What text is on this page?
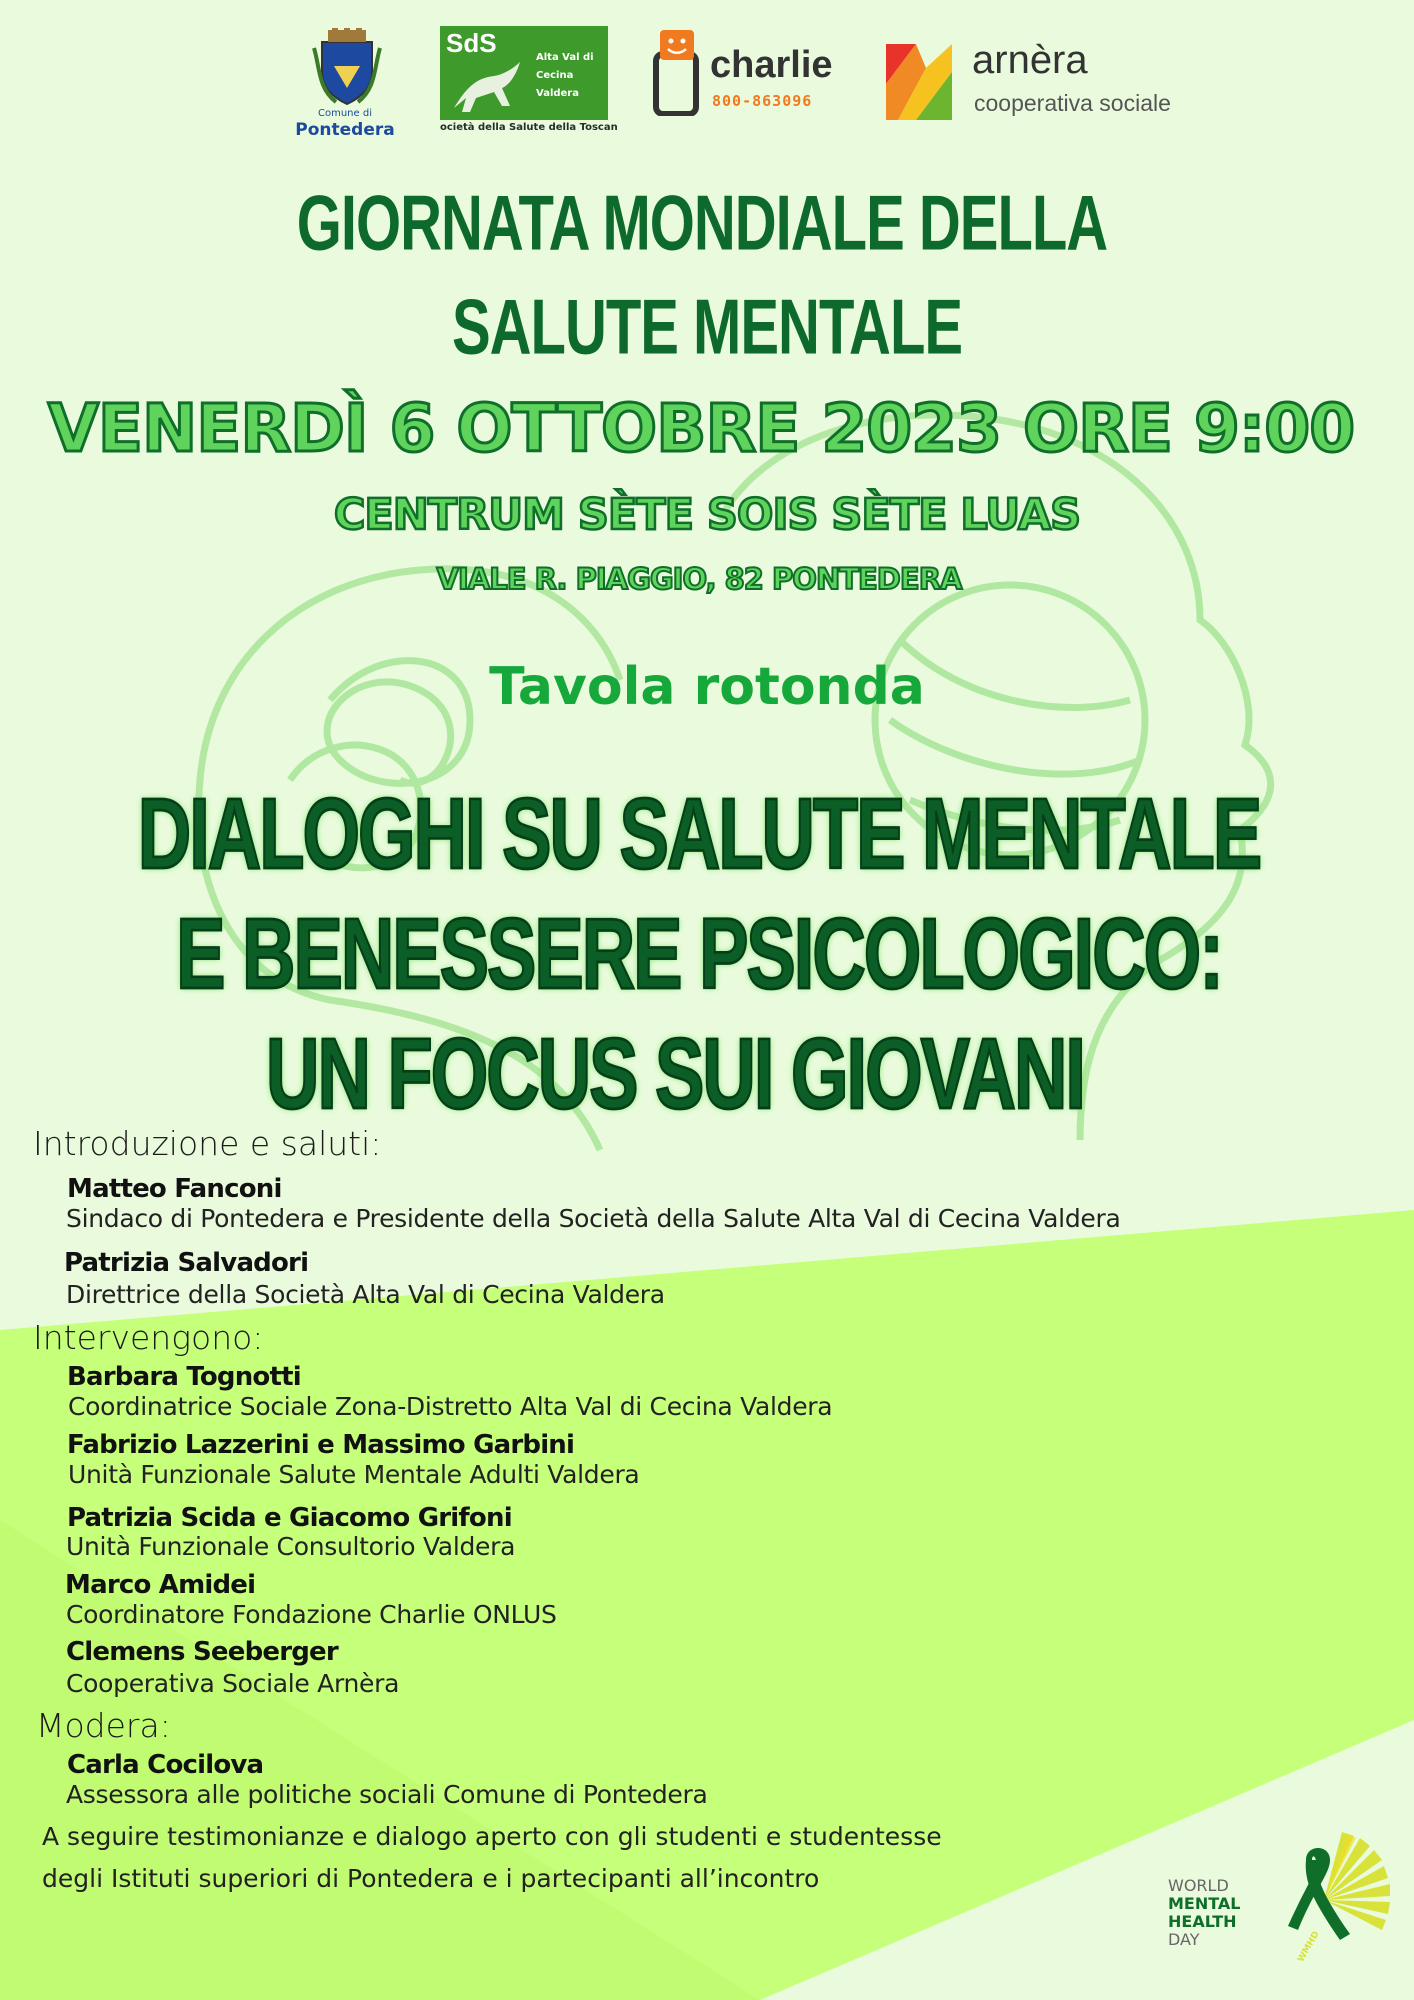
Comune di
Pontedera
SdS	Alta Val di
Cecina
Valdera
ocietà della Salute della Toscan
charlie
800-863096
arnèra
cooperativa sociale
GIORNATA MONDIALE DELLA
SALUTE MENTALE
VENERDÌ 6 OTTOBRE 2023 ORE 9:00
CENTRUM SÈTE SOIS SÈTE LUAS
VIALE R. PIAGGIO, 82 PONTEDERA
Tavola rotonda
DIALOGHI SU SALUTE MENTALE
E BENESSERE PSICOLOGICO:
UN FOCUS SUI GIOVANI
Introduzione e saluti:
Matteo Fanconi
Sindaco di Pontedera e Presidente della Società della Salute Alta Val di Cecina Valdera
Patrizia Salvadori
Direttrice della Società Alta Val di Cecina Valdera
Intervengono:
Barbara Tognotti
Coordinatrice Sociale Zona-Distretto Alta Val di Cecina Valdera
Fabrizio Lazzerini e Massimo Garbini
Unità Funzionale Salute Mentale Adulti Valdera
Patrizia Scida e Giacomo Grifoni
Unità Funzionale Consultorio Valdera
Marco Amidei
Coordinatore Fondazione Charlie ONLUS
Clemens Seeberger
Cooperativa Sociale Arnèra
Modera:
Carla Cocilova
Assessora alle politiche sociali Comune di Pontedera
A seguire testimonianze e dialogo aperto con gli studenti e studentesse
degli Istituti superiori di Pontedera e i partecipanti all’incontro	WORLD
MENTAL
HEALTH
DAY	WMHD
